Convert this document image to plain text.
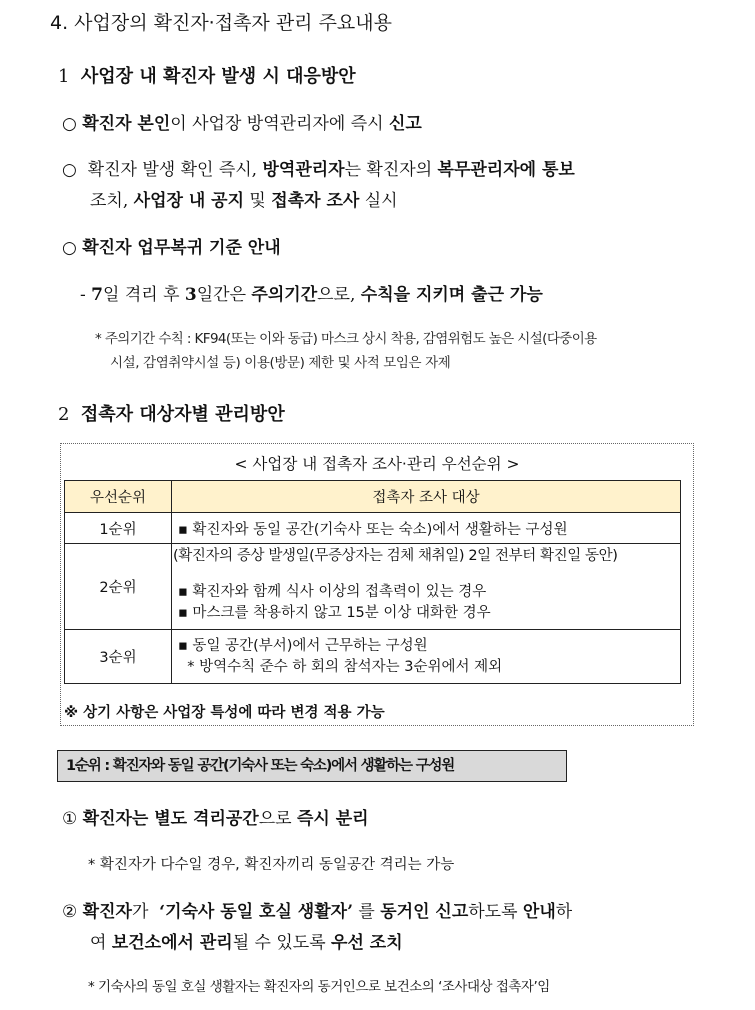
4. 사업장의 확진자·접촉자 관리 주요내용
1 사업장 내 확진자 발생 시 대응방안
○ 확진자 본인이 사업장 방역관리자에 즉시 신고
○ 확진자 발생 확인 즉시, 방역관리자는 확진자의 복무관리자에 통보
조치, 사업장 내 공지 및 접촉자 조사 실시
○ 확진자 업무복귀 기준 안내
- 7일 격리 후 3일간은 주의기간으로, 수칙을 지키며 출근 가능
* 주의기간 수칙 : KF94(또는 이와 동급) 마스크 상시 착용, 감염위험도 높은 시설(다중이용
시설, 감염취약시설 등) 이용(방문) 제한 및 사적 모임은 자제
2 접촉자 대상자별 관리방안
< 사업장 내 접촉자 조사·관리 우선순위 >
우선순위	접촉자 조사 대상
1순위	▪ 확진자와 동일 공간(기숙사 또는 숙소)에서 생활하는 구성원
2순위	(확진자의 증상 발생일(무증상자는 검체 채취일) 2일 전부터 확진일 동안)
▪ 확진자와 함께 식사 이상의 접촉력이 있는 경우
▪ 마스크를 착용하지 않고 15분 이상 대화한 경우

3순위	▪ 동일 공간(부서)에서 근무하는 구성원
* 방역수칙 준수 하 회의 참석자는 3순위에서 제외
※ 상기 사항은 사업장 특성에 따라 변경 적용 가능
1순위 : 확진자와 동일 공간(기숙사 또는 숙소)에서 생활하는 구성원
① 확진자는 별도 격리공간으로 즉시 분리
* 확진자가 다수일 경우, 확진자끼리 동일공간 격리는 가능
② 확진자가  ‘기숙사 동일 호실 생활자’ 를 동거인 신고하도록 안내하
여 보건소에서 관리될 수 있도록 우선 조치
* 기숙사의 동일 호실 생활자는 확진자의 동거인으로 보건소의 ‘조사대상 접촉자’임
